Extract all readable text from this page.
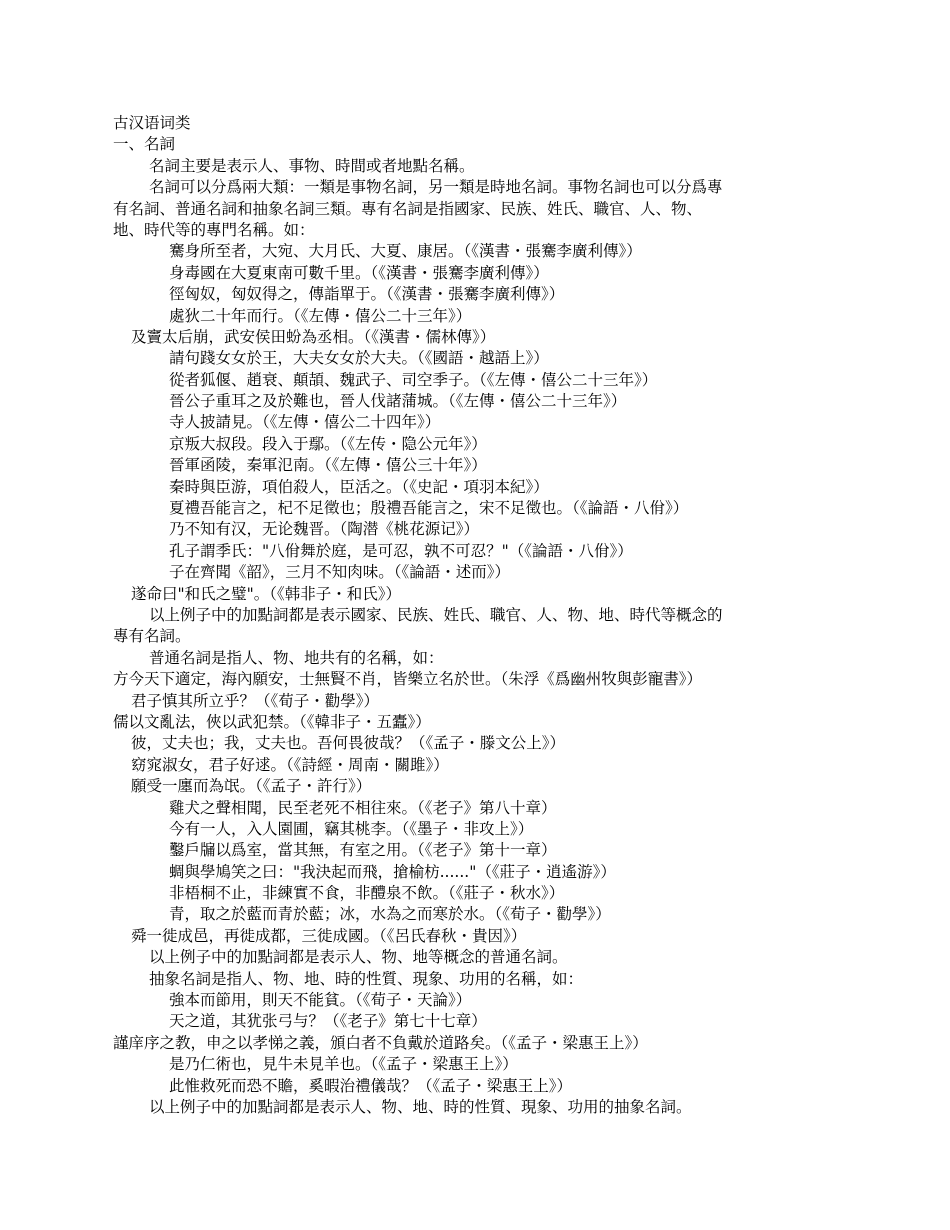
古汉语词类
一、名詞
名詞主要是表示人、事物、時間或者地點名稱。
名詞可以分爲兩大類：一類是事物名詞，另一類是時地名詞。事物名詞也可以分爲專
有名詞、普通名詞和抽象名詞三類。專有名詞是指國家、民族、姓氏、職官、人、物、
地、時代等的專門名稱。如：
騫身所至者，大宛、大月氏、大夏、康居。（《漢書・張騫李廣利傳》）
身毒國在大夏東南可數千里。（《漢書・張騫李廣利傳》）
徑匈奴，匈奴得之，傳詣單于。（《漢書・張騫李廣利傳》）
處狄二十年而行。（《左傳・僖公二十三年》）
及竇太后崩，武安侯田蚡為丞相。（《漢書・儒林傳》）
請句踐女女於王，大夫女女於大夫。（《國語・越語上》）
從者狐偃、趙衰、顛頡、魏武子、司空季子。（《左傳・僖公二十三年》）
晉公子重耳之及於難也，晉人伐諸蒲城。（《左傳・僖公二十三年》）
寺人披請見。（《左傳・僖公二十四年》）
京叛大叔段。段入于鄢。（《左传・隐公元年》）
晉軍函陵，秦軍氾南。（《左傳・僖公三十年》）
秦時與臣游，項伯殺人，臣活之。（《史記・項羽本紀》）
夏禮吾能言之，杞不足徵也；殷禮吾能言之，宋不足徵也。（《論語・八佾》）
乃不知有汉，无论魏晋。（陶潜《桃花源记》）
孔子謂季氏："八佾舞於庭，是可忍，孰不可忍？"（《論語・八佾》）
子在齊聞《韶》，三月不知肉味。（《論語・述而》）
遂命曰"和氏之璧"。（《韩非子・和氏》）
以上例子中的加點詞都是表示國家、民族、姓氏、職官、人、物、地、時代等概念的
專有名詞。
普通名詞是指人、物、地共有的名稱，如：
方今天下適定，海內願安，士無賢不肖，皆樂立名於世。（朱浮《爲幽州牧與彭寵書》）
君子慎其所立乎？（《荀子・勸學》）
儒以文亂法，俠以武犯禁。（《韓非子・五蠹》）
彼，丈夫也；我，丈夫也。吾何畏彼哉？（《孟子・滕文公上》）
窈窕淑女，君子好逑。（《詩經・周南・關雎》）
願受一廛而為氓。（《孟子・許行》）
雞犬之聲相聞，民至老死不相往來。（《老子》第八十章）
今有一人，入人園圃，竊其桃李。（《墨子・非攻上》）
鑿戶牖以爲室，當其無，有室之用。（《老子》第十一章）
蜩與學鳩笑之曰："我決起而飛，搶榆枋......"（《莊子・逍遙游》）
非梧桐不止，非練實不食，非醴泉不飲。（《莊子・秋水》）
青，取之於藍而青於藍；冰，水為之而寒於水。（《荀子・勸學》）
舜一徙成邑，再徙成都，三徙成國。（《呂氏春秋・貴因》）
以上例子中的加點詞都是表示人、物、地等概念的普通名詞。
抽象名詞是指人、物、地、時的性質、現象、功用的名稱，如：
強本而節用，則天不能貧。（《荀子・天論》）
天之道，其犹张弓与？（《老子》第七十七章）
謹庠序之教，申之以孝悌之義，頒白者不負戴於道路矣。（《孟子・梁惠王上》）
是乃仁術也，見牛未見羊也。（《孟子・梁惠王上》）
此惟救死而恐不贍，奚暇治禮儀哉？（《孟子・梁惠王上》）
以上例子中的加點詞都是表示人、物、地、時的性質、現象、功用的抽象名詞。
